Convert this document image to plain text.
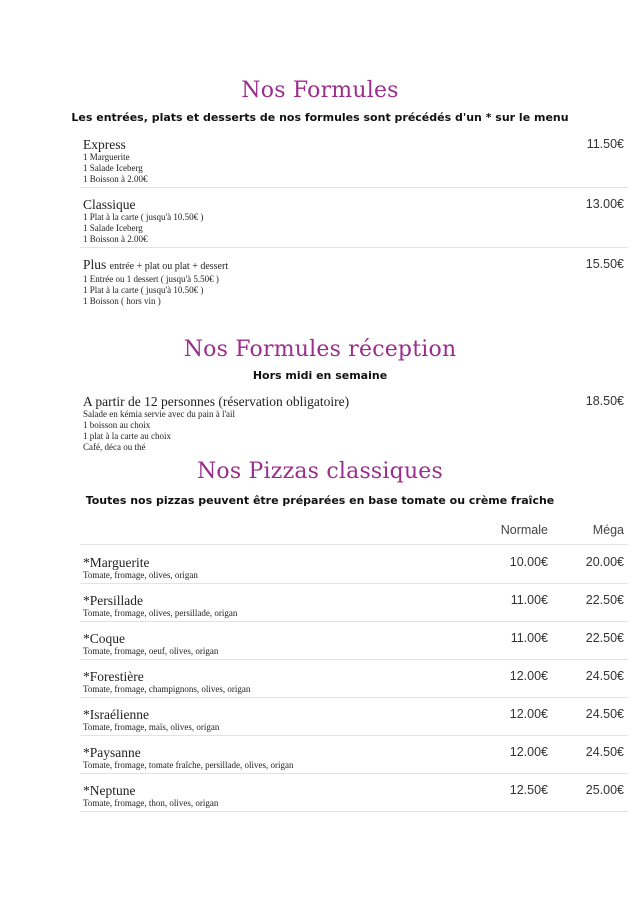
Nos Formules

Les entrées, plats et desserts de nos formules sont précédés d'un * sur le menu

Express	11.50€
1 Marguerite
1 Salade Iceberg
1 Boisson à 2.00€
Classique	13.00€
1 Plat à la carte ( jusqu'à 10.50€ )
1 Salade Iceberg
1 Boisson à 2.00€
Plus entrée + plat ou plat + dessert	15.50€
1 Entrée ou 1 dessert ( jusqu'à 5.50€ )
1 Plat à la carte ( jusqu'à 10.50€ )
1 Boisson ( hors vin )
Nos Formules réception

Hors midi en semaine

A partir de 12 personnes (réservation obligatoire)	18.50€
Salade en kémia servie avec du pain à l'ail
1 boisson au choix
1 plat à la carte au choix
Café, déca ou thé
Nos Pizzas classiques

Toutes nos pizzas peuvent être préparées en base tomate ou crème fraîche

Normale	Méga
*Marguerite
Tomate, fromage, olives, origan
10.00€	20.00€
*Persillade
Tomate, fromage, olives, persillade, origan
11.00€	22.50€
*Coque
Tomate, fromage, oeuf, olives, origan
11.00€	22.50€
*Forestière
Tomate, fromage, champignons, olives, origan
12.00€	24.50€
*Israélienne
Tomate, fromage, maïs, olives, origan
12.00€	24.50€
*Paysanne
Tomate, fromage, tomate fraîche, persillade, olives, origan
12.00€	24.50€
*Neptune
Tomate, fromage, thon, olives, origan
12.50€	25.00€
